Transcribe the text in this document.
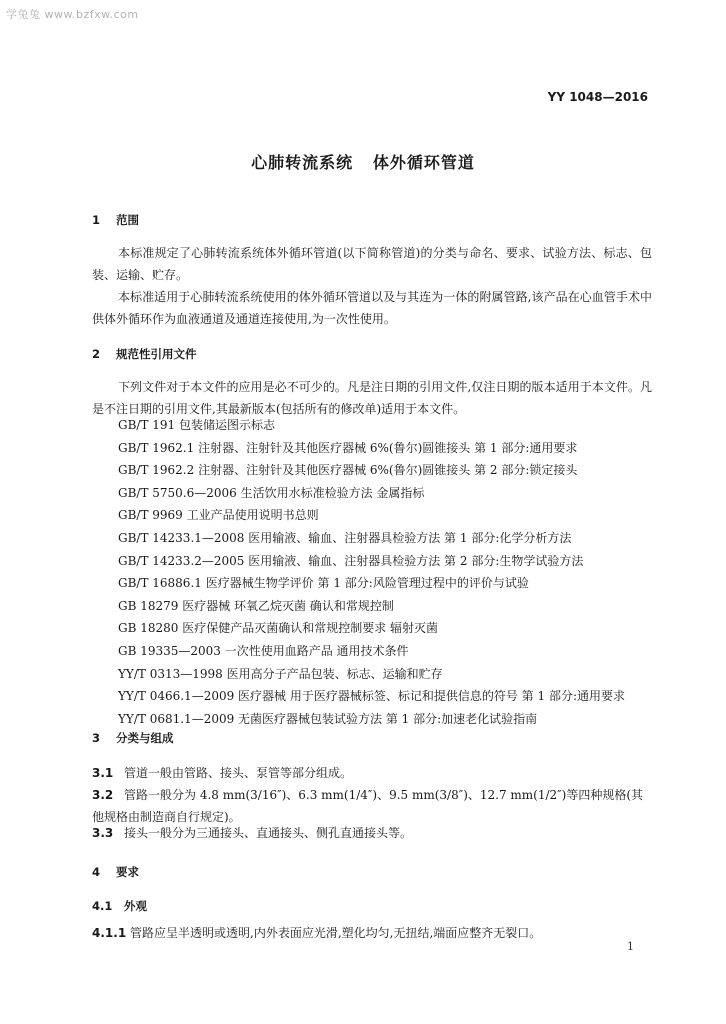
学兔兔 www.bzfxw.com
YY 1048—2016
心肺转流系统   体外循环管道
1 范围
本标准规定了心肺转流系统体外循环管道(以下简称管道)的分类与命名、要求、试验方法、标志、包装、运输、贮存。
本标准适用于心肺转流系统使用的体外循环管道以及与其连为一体的附属管路,该产品在心血管手术中供体外循环作为血液通道及通道连接使用,为一次性使用。
2 规范性引用文件
下列文件对于本文件的应用是必不可少的。凡是注日期的引用文件,仅注日期的版本适用于本文件。凡是不注日期的引用文件,其最新版本(包括所有的修改单)适用于本文件。
GB/T 191 包装储运图示标志
GB/T 1962.1 注射器、注射针及其他医疗器械 6%(鲁尔)圆锥接头 第 1 部分:通用要求
GB/T 1962.2 注射器、注射针及其他医疗器械 6%(鲁尔)圆锥接头 第 2 部分:锁定接头
GB/T 5750.6—2006 生活饮用水标准检验方法 金属指标
GB/T 9969 工业产品使用说明书总则
GB/T 14233.1—2008 医用输液、输血、注射器具检验方法 第 1 部分:化学分析方法
GB/T 14233.2—2005 医用输液、输血、注射器具检验方法 第 2 部分:生物学试验方法
GB/T 16886.1 医疗器械生物学评价 第 1 部分:风险管理过程中的评价与试验
GB 18279 医疗器械 环氧乙烷灭菌 确认和常规控制
GB 18280 医疗保健产品灭菌确认和常规控制要求 辐射灭菌
GB 19335—2003 一次性使用血路产品 通用技术条件
YY/T 0313—1998 医用高分子产品包装、标志、运输和贮存
YY/T 0466.1—2009 医疗器械 用于医疗器械标签、标记和提供信息的符号 第 1 部分:通用要求
YY/T 0681.1—2009 无菌医疗器械包装试验方法 第 1 部分:加速老化试验指南
3 分类与组成
3.1 管道一般由管路、接头、泵管等部分组成。
3.2 管路一般分为 4.8 mm(3/16″)、6.3 mm(1/4″)、9.5 mm(3/8″)、12.7 mm(1/2″)等四种规格(其他规格由制造商自行规定)。
3.3 接头一般分为三通接头、直通接头、侧孔直通接头等。
4 要求
4.1 外观
4.1.1 管路应呈半透明或透明,内外表面应光滑,塑化均匀,无扭结,端面应整齐无裂口。
1
